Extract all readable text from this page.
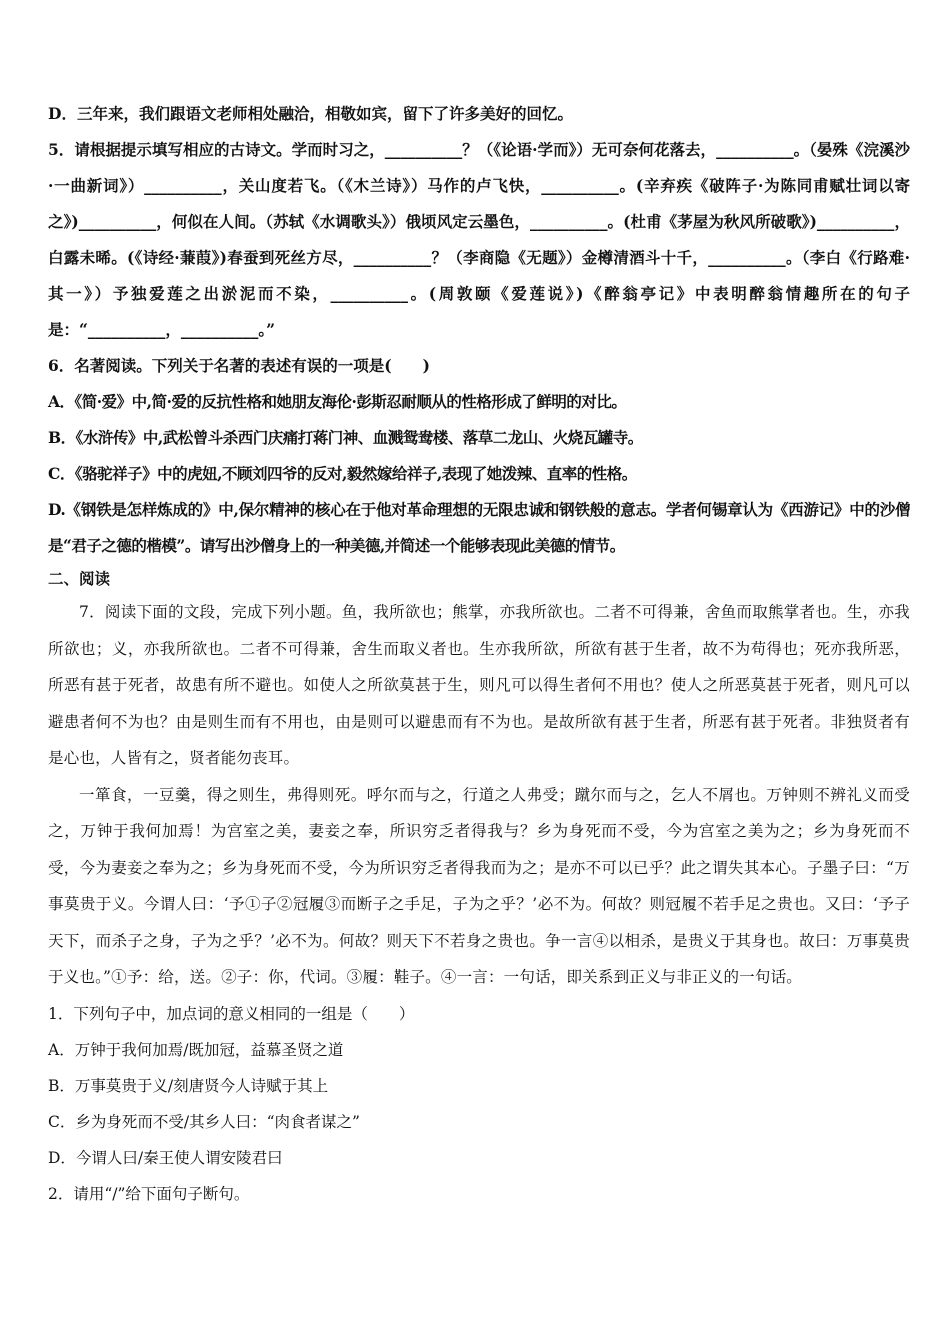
D．三年来，我们跟语文老师相处融洽，相敬如宾，留下了许多美好的回忆。

5．请根据提示填写相应的古诗文。学而时习之，__________？（《论语·学而》）无可奈何花落去，__________。（晏殊《浣溪沙·一曲新词》）__________，关山度若飞。（《木兰诗》）马作的卢飞快，__________。(辛弃疾《破阵子·为陈同甫赋壮词以寄之》)__________，何似在人间。（苏轼《水调歌头》）俄顷风定云墨色，__________。(杜甫《茅屋为秋风所破歌》)__________，白露未晞。(《诗经·蒹葭》)春蚕到死丝方尽，__________？（李商隐《无题》）金樽清酒斗十千，__________。（李白《行路难·其一》）予独爱莲之出淤泥而不染，__________。(周敦颐《爱莲说》)《醉翁亭记》中表明醉翁情趣所在的句子是：“__________，__________。”

6．名著阅读。下列关于名著的表述有误的一项是(　　)

A．《简·爱》中,简·爱的反抗性格和她朋友海伦·彭斯忍耐顺从的性格形成了鲜明的对比。

B．《水浒传》中,武松曾斗杀西门庆痛打蒋门神、血溅鸳鸯楼、落草二龙山、火烧瓦罐寺。

C．《骆驼祥子》中的虎妞,不顾刘四爷的反对,毅然嫁给祥子,表现了她泼辣、直率的性格。

D.《钢铁是怎样炼成的》中,保尔精神的核心在于他对革命理想的无限忠诚和钢铁般的意志。学者何锡章认为《西游记》中的沙僧是“君子之德的楷模”。请写出沙僧身上的一种美德,并简述一个能够表现此美德的情节。

二、阅读

7．阅读下面的文段，完成下列小题。鱼，我所欲也；熊掌，亦我所欲也。二者不可得兼，舍鱼而取熊掌者也。生，亦我所欲也；义，亦我所欲也。二者不可得兼，舍生而取义者也。生亦我所欲，所欲有甚于生者，故不为苟得也；死亦我所恶，所恶有甚于死者，故患有所不避也。如使人之所欲莫甚于生，则凡可以得生者何不用也？使人之所恶莫甚于死者，则凡可以避患者何不为也？由是则生而有不用也，由是则可以避患而有不为也。是故所欲有甚于生者，所恶有甚于死者。非独贤者有是心也，人皆有之，贤者能勿丧耳。

一箪食，一豆羹，得之则生，弗得则死。呼尔而与之，行道之人弗受；蹴尔而与之，乞人不屑也。万钟则不辨礼义而受之，万钟于我何加焉！为宫室之美，妻妾之奉，所识穷乏者得我与？乡为身死而不受，今为宫室之美为之；乡为身死而不受，今为妻妾之奉为之；乡为身死而不受，今为所识穷乏者得我而为之；是亦不可以已乎？此之谓失其本心。子墨子曰：“万事莫贵于义。今谓人曰：‘予①子②冠履③而断子之手足，子为之乎？’必不为。何故？则冠履不若手足之贵也。又曰：‘予子天下，而杀子之身，子为之乎？’必不为。何故？则天下不若身之贵也。争一言④以相杀，是贵义于其身也。故曰：万事莫贵于义也。”①予：给，送。②子：你，代词。③履：鞋子。④一言：一句话，即关系到正义与非正义的一句话。

1．下列句子中，加点词的意义相同的一组是（　　）

A．万钟于我何加焉/既加冠，益慕圣贤之道

B．万事莫贵于义/刻唐贤今人诗赋于其上

C．乡为身死而不受/其乡人曰：“肉食者谋之”

D．今谓人曰/秦王使人谓安陵君曰

2．请用“/”给下面句子断句。
